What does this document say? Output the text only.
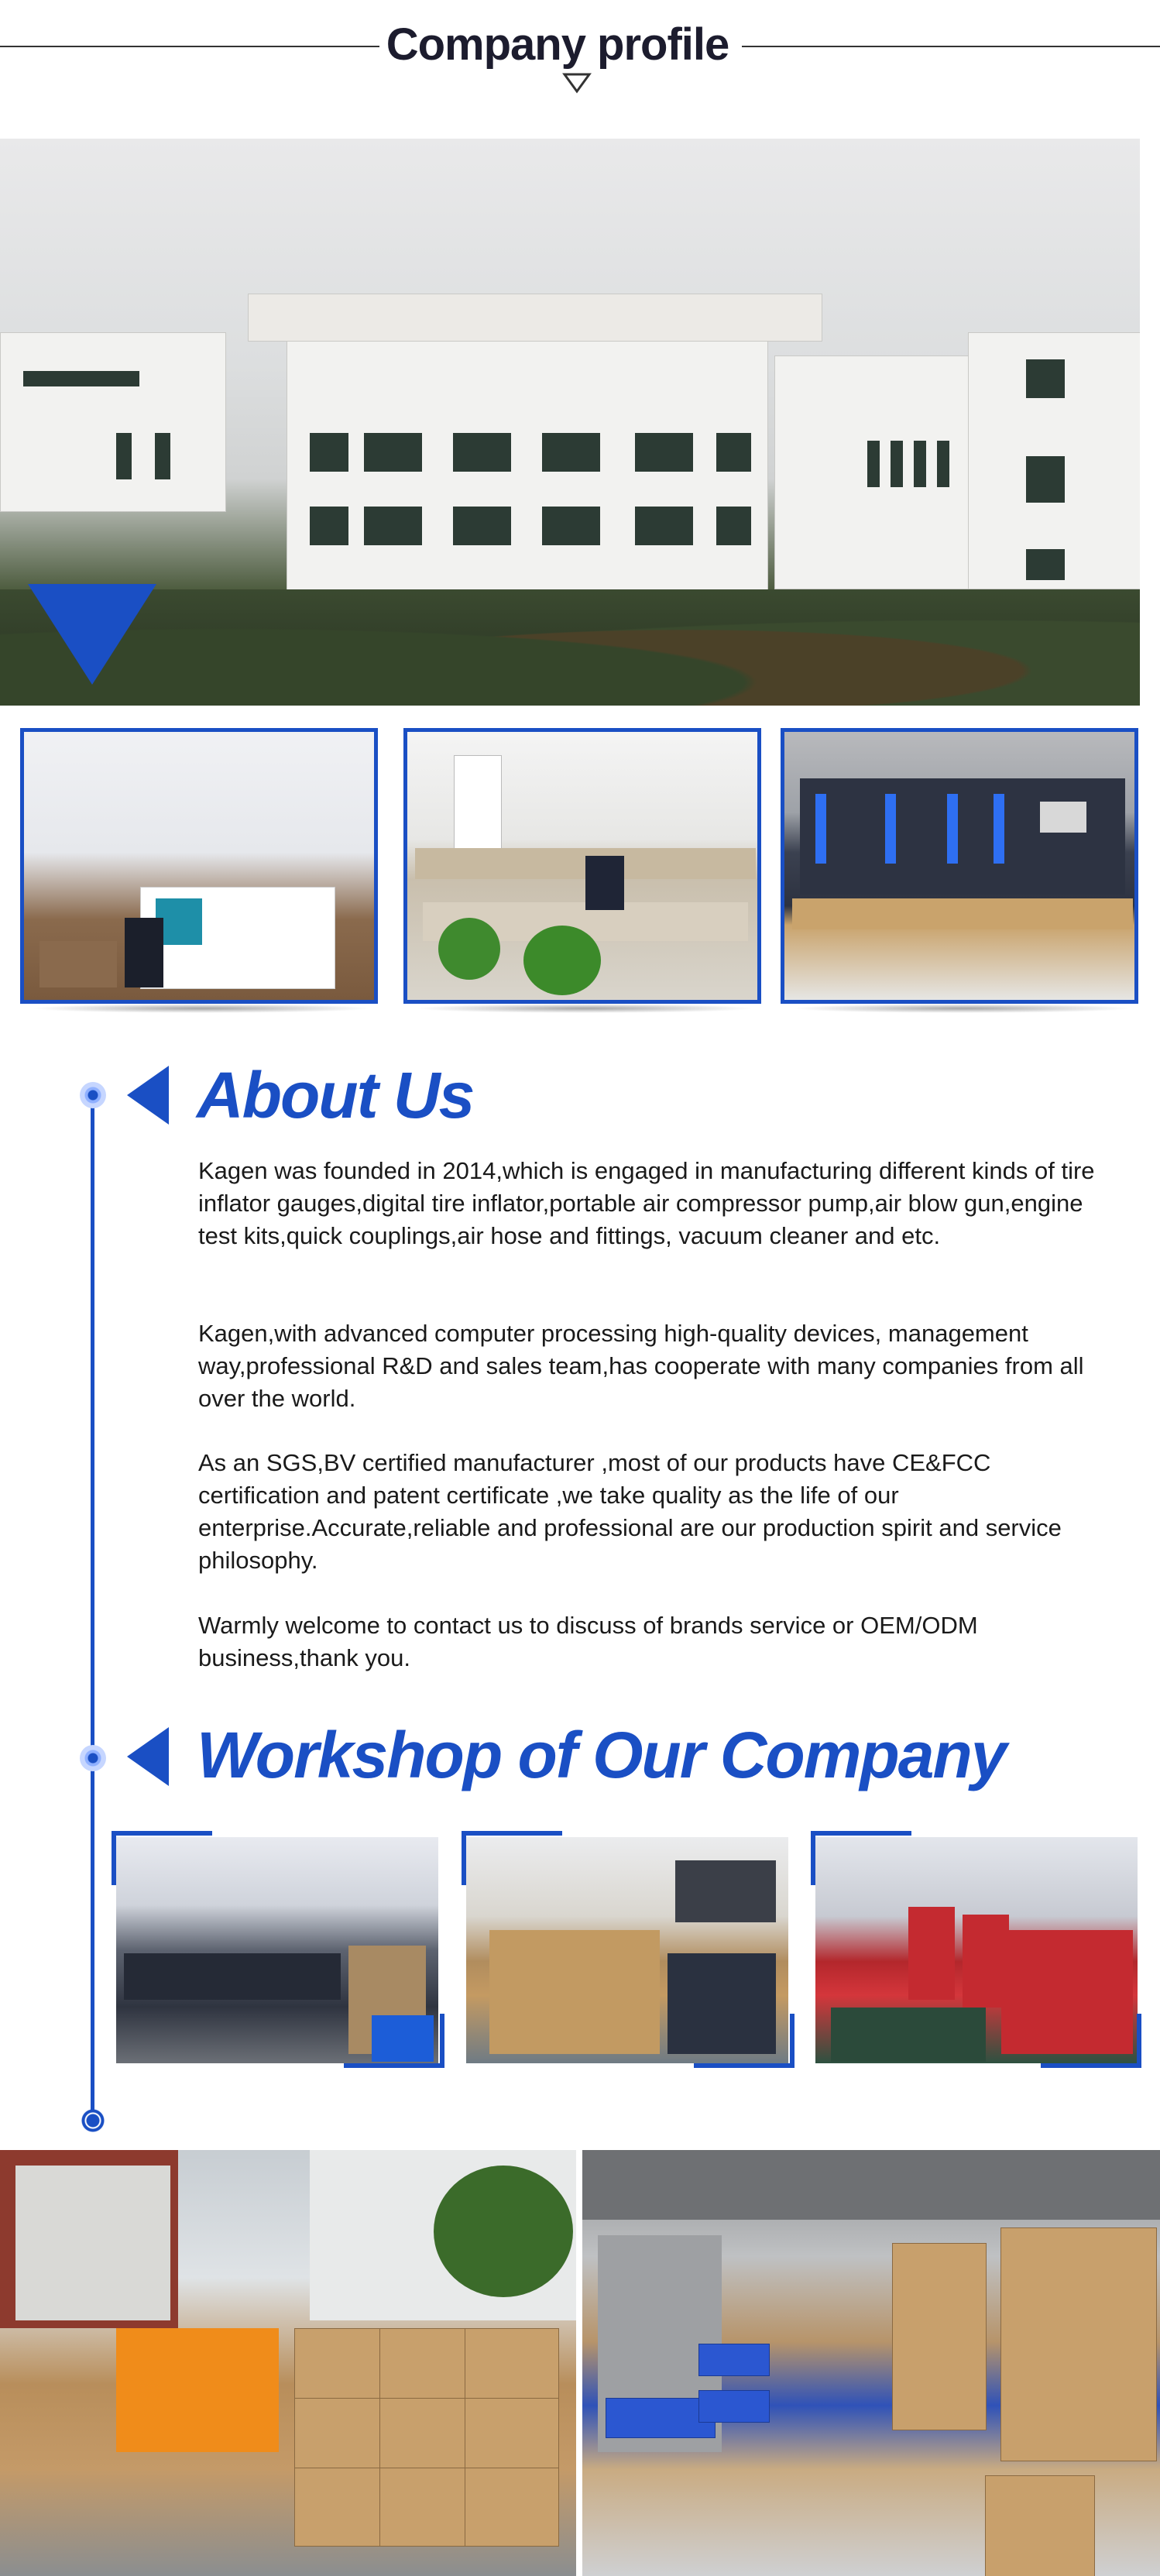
Company profile
About Us

Kagen was founded in 2014,which is engaged in manufacturing different kinds of tire inflator gauges,digital tire inflator,portable air compressor pump,air blow gun,engine test kits,quick couplings,air hose and fittings, vacuum cleaner and etc.

Kagen,with advanced computer processing high-quality devices, management way,professional R&D and sales team,has cooperate with many companies from all over the world.

As an SGS,BV certified manufacturer ,most of our products have CE&FCC certification and patent certificate ,we take quality as the life of our enterprise.Accurate,reliable and professional are our production spirit and service philosophy.

Warmly welcome to contact us to discuss of brands service or OEM/ODM business,thank you.

Workshop of Our Company
